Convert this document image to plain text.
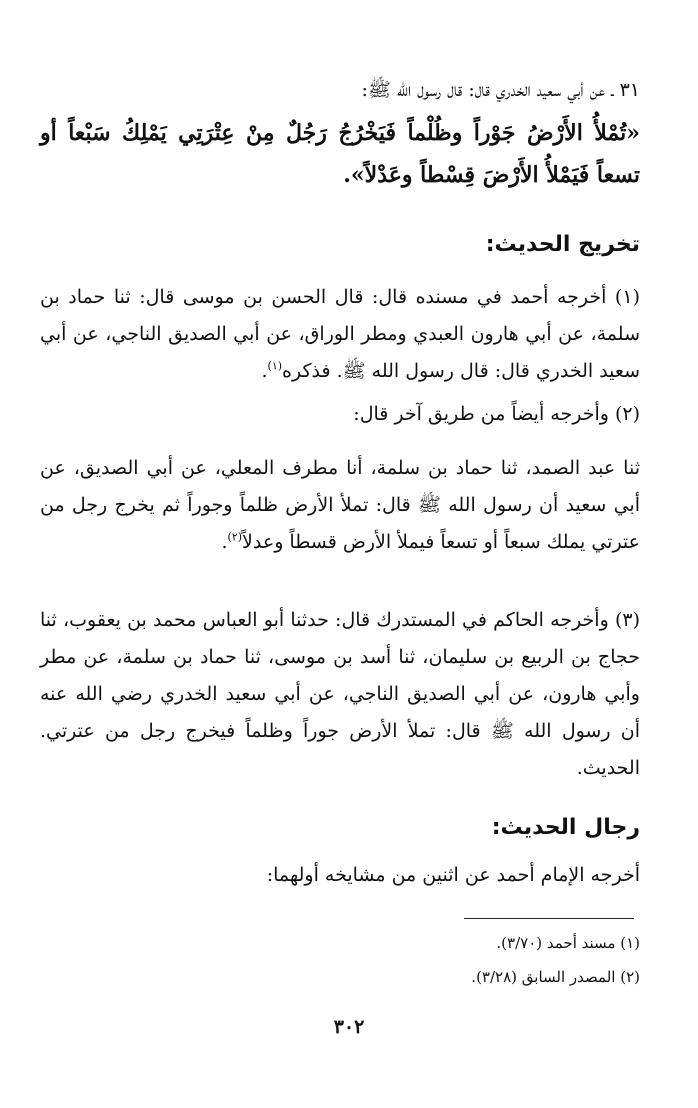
٣١ ـ عن أبي سعيد الخدري قال: قال رسول الله ﷺ:

«تُمْلأُ الأَرْضُ جَوْراً وظُلْماً فَيَخْرُجُ رَجُلٌ مِنْ عِتْرَتِي يَمْلِكُ سَبْعاً أو تسعاً فَيَمْلأُ الأَرْضَ قِسْطاً وعَدْلاً».

تخريج الحديث:

(١) أخرجه أحمد في مسنده قال: قال الحسن بن موسى قال: ثنا حماد بن سلمة، عن أبي هارون العبدي ومطر الوراق، عن أبي الصديق الناجي، عن أبي سعيد الخدري قال: قال رسول الله ﷺ. فذكره$^{(١)}$.

(٢) وأخرجه أيضاً من طريق آخر قال:

ثنا عبد الصمد، ثنا حماد بن سلمة، أنا مطرف المعلي، عن أبي الصديق، عن أبي سعيد أن رسول الله ﷺ قال: تملأ الأرض ظلماً وجوراً ثم يخرج رجل من عترتي يملك سبعاً أو تسعاً فيملأ الأرض قسطاً وعدلاً$^{(٢)}$.

(٣) وأخرجه الحاكم في المستدرك قال: حدثنا أبو العباس محمد بن يعقوب، ثنا حجاج بن الربيع بن سليمان، ثنا أسد بن موسى، ثنا حماد بن سلمة، عن مطر وأبي هارون، عن أبي الصديق الناجي، عن أبي سعيد الخدري رضي الله عنه أن رسول الله ﷺ قال: تملأ الأرض جوراً وظلماً فيخرج رجل من عترتي. الحديث.

رجال الحديث:

أخرجه الإمام أحمد عن اثنين من مشايخه أولهما:

(١) مسند أحمد (٣/٧٠).

(٢) المصدر السابق (٣/٢٨).

٣٠٢
